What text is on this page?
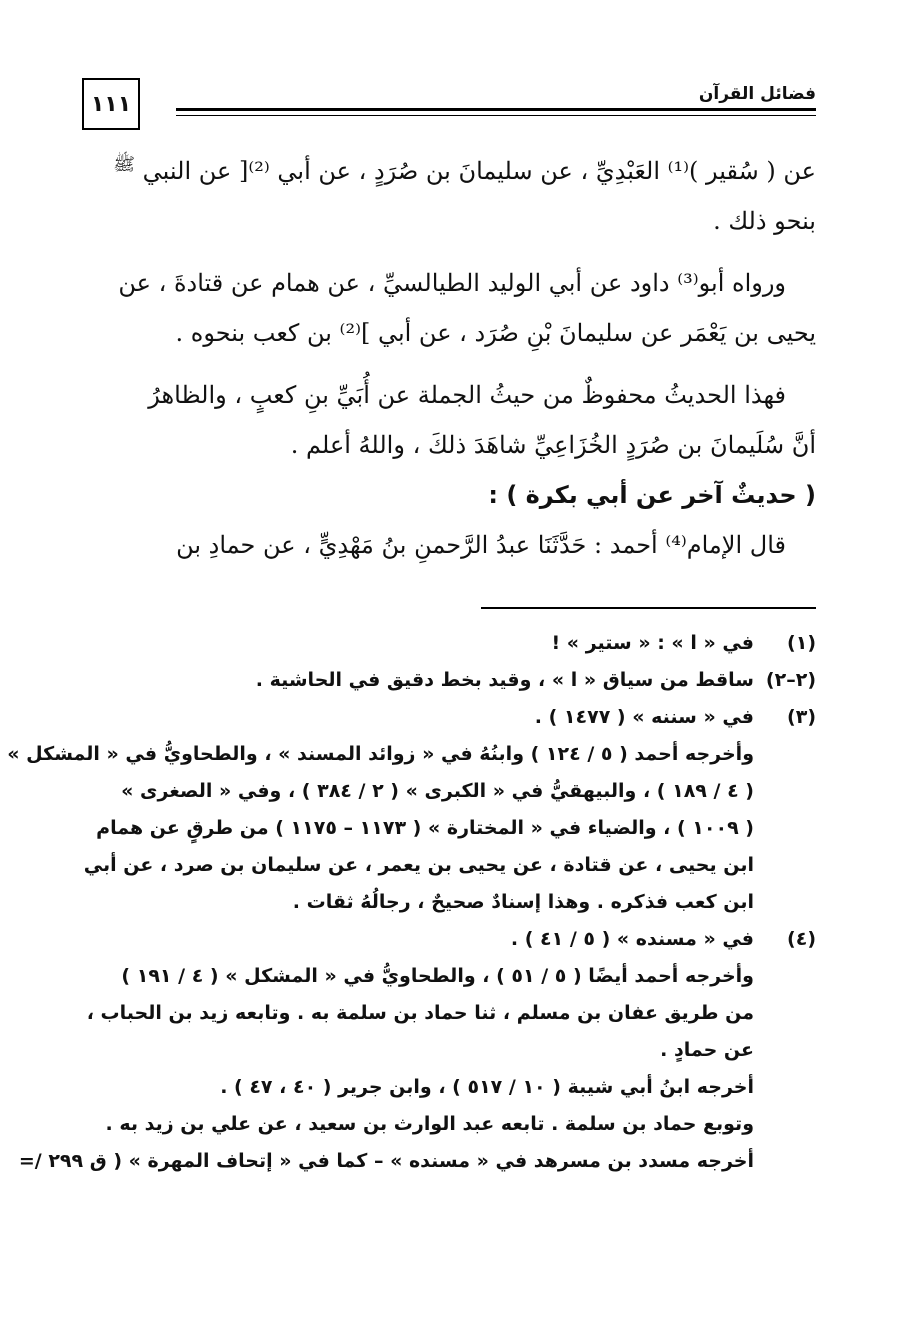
١١١	فضائل القرآن

عن ( سُقير )⁽¹⁾ العَبْدِيِّ ، عن سليمانَ بن صُرَدٍ ، عن أبي ⁽²⁾[ عن النبي $^ﷺ$
بنحو ذلك .

ورواه أبو⁽³⁾ داود عن أبي الوليد الطيالسيِّ ، عن همام عن قتادةَ ، عن
يحيى بن يَعْمَر عن سليمانَ بْنِ صُرَد ، عن أبي ]⁽²⁾ بن كعب بنحوه .

فهذا الحديثُ محفوظٌ من حيثُ الجملة عن أُبَيِّ بنِ كعبٍ ، والظاهرُ
أنَّ سُلَيمانَ بن صُرَدٍ الخُزَاعِيِّ شاهَدَ ذلكَ ، واللهُ أعلم .

( حديثٌ آخر عن أبي بكرة ) :

قال الإمام⁽⁴⁾ أحمد : حَدَّثَنَا عبدُ الرَّحمنِ بنُ مَهْدِيٍّ ، عن حمادِ بن

(١)
في « ا » : « ستير » !
(٢–٢)
ساقط من سياق « ا » ، وقيد بخط دقيق في الحاشية .
(٣)
في « سننه » ( ١٤٧٧ ) .
وأخرجه أحمد ( ٥ / ١٢٤ ) وابنُهُ في « زوائد المسند » ، والطحاويُّ في « المشكل »
( ٤ / ١٨٩ ) ، والبيهقيُّ في « الكبرى » ( ٢ / ٣٨٤ ) ، وفي « الصغرى »
( ١٠٠٩ ) ، والضياء في « المختارة » ( ١١٧٣ – ١١٧٥ ) من طرقٍ عن همام
ابن يحيى ، عن قتادة ، عن يحيى بن يعمر ، عن سليمان بن صرد ، عن أبي
ابن كعب فذكره . وهذا إسنادٌ صحيحٌ ، رجالُهُ ثقات .
(٤)
في « مسنده » ( ٥ / ٤١ ) .
وأخرجه أحمد أيضًا ( ٥ / ٥١ ) ، والطحاويُّ في « المشكل » ( ٤ / ١٩١ )
من طريق عفان بن مسلم ، ثنا حماد بن سلمة به . وتابعه زيد بن الحباب ،
عن حمادٍ .
أخرجه ابنُ أبي شيبة ( ١٠ / ٥١٧ ) ، وابن جرير ( ٤٠ ، ٤٧ ) .
وتوبع حماد بن سلمة . تابعه عبد الوارث بن سعيد ، عن علي بن زيد به .
أخرجه مسدد بن مسرهد في « مسنده » – كما في « إتحاف المهرة » ( ق ٢٩٩ /=
